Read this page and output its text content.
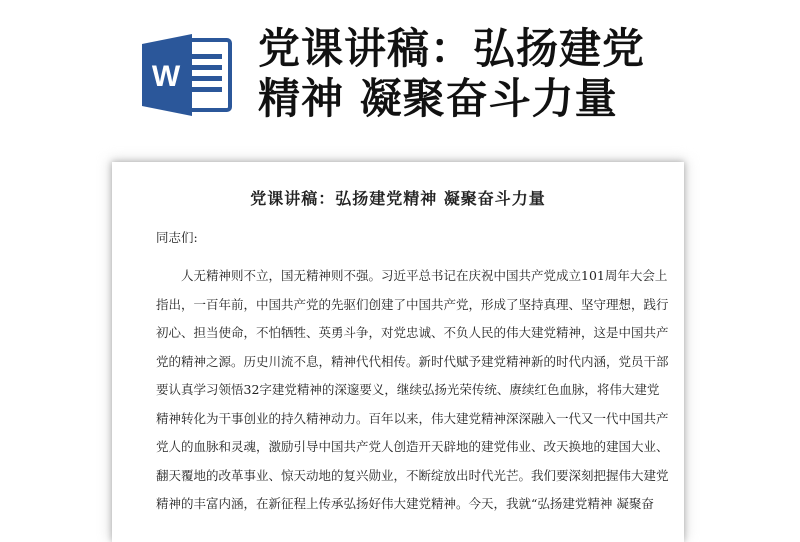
W
党课讲稿：弘扬建党
精神 凝聚奋斗力量
党课讲稿：弘扬建党精神 凝聚奋斗力量
同志们:
人无精神则不立，国无精神则不强。习近平总书记在庆祝中国共产党成立101周年大会上
指出，一百年前，中国共产党的先驱们创建了中国共产党，形成了坚持真理、坚守理想，践行
初心、担当使命，不怕牺牲、英勇斗争，对党忠诚、不负人民的伟大建党精神，这是中国共产
党的精神之源。历史川流不息，精神代代相传。新时代赋予建党精神新的时代内涵，党员干部
要认真学习领悟32字建党精神的深邃要义，继续弘扬光荣传统、赓续红色血脉，将伟大建党
精神转化为干事创业的持久精神动力。百年以来，伟大建党精神深深融入一代又一代中国共产
党人的血脉和灵魂，激励引导中国共产党人创造开天辟地的建党伟业、改天换地的建国大业、
翻天覆地的改革事业、惊天动地的复兴勋业，不断绽放出时代光芒。我们要深刻把握伟大建党
精神的丰富内涵，在新征程上传承弘扬好伟大建党精神。今天，我就“弘扬建党精神 凝聚奋
